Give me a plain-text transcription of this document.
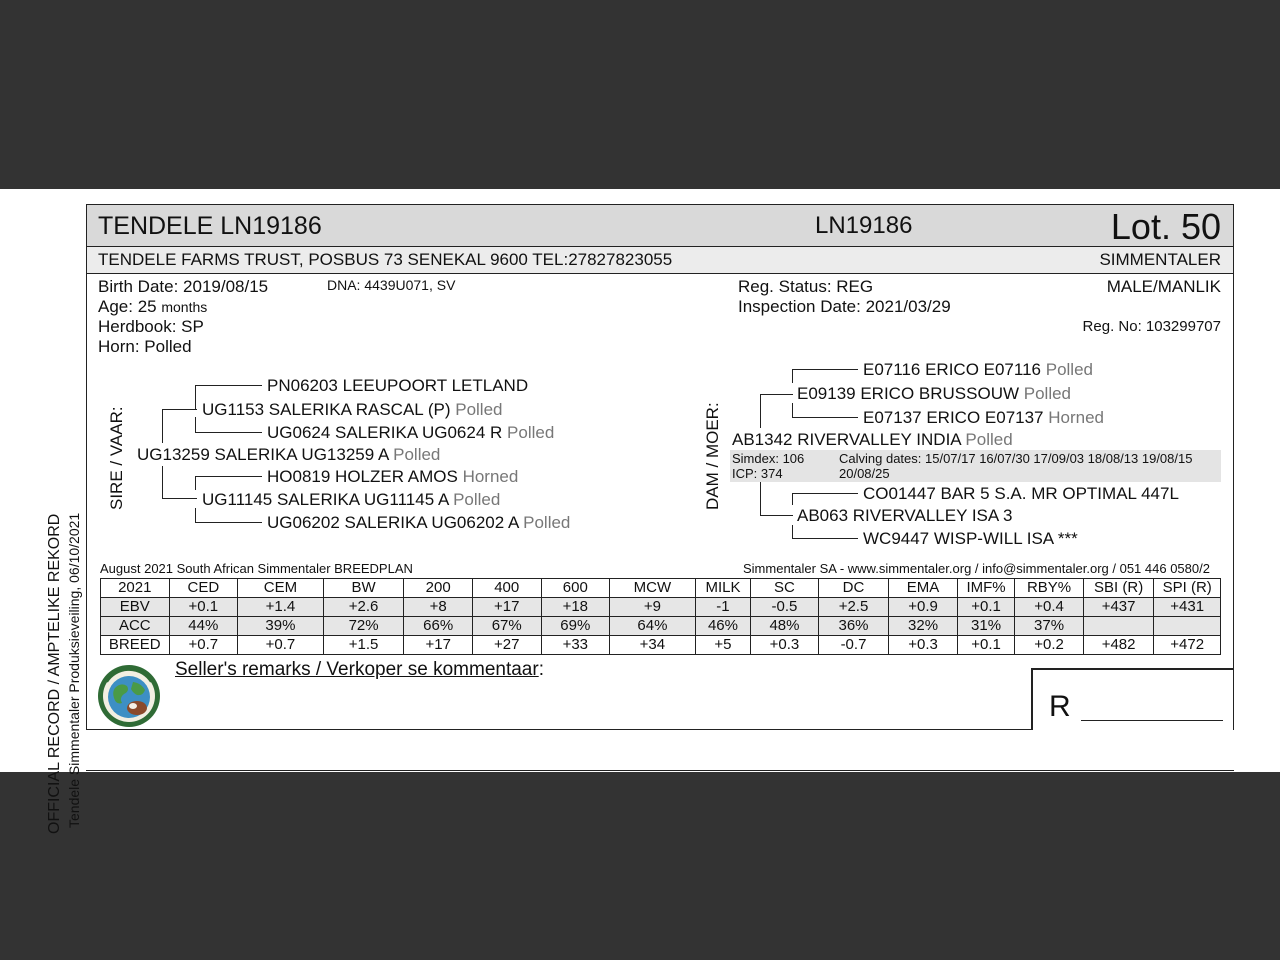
OFFICIAL RECORD / AMPTELIKE REKORD Tendele Simmentaler Produksieveiling, 06/10/2021
TENDELE LN19186	LN19186	Lot. 50
TENDELE FARMS TRUST, POSBUS 73 SENEKAL 9600 TEL:27827823055	SIMMENTALER
Birth Date: 2019/08/15	DNA: 4439U071, SV
Age: 25 months
Herdbook: SP
Horn: Polled
Reg. Status: REG
Inspection Date: 2021/03/29
MALE/MANLIK
Reg. No: 103299707
SIRE / VAAR: UG13259 SALERIKA UG13259 A Polled
UG1153 SALERIKA RASCAL (P) Polled
PN06203 LEEUPOORT LETLAND
UG0624 SALERIKA UG0624 R Polled
UG11145 SALERIKA UG11145 A Polled
HO0819 HOLZER AMOS Horned
UG06202 SALERIKA UG06202 A Polled
DAM / MOER: AB1342 RIVERVALLEY INDIA Polled
E09139 ERICO BRUSSOUW Polled
E07116 ERICO E07116 Polled
E07137 ERICO E07137 Horned
AB063 RIVERVALLEY ISA 3
CO01447 BAR 5 S.A. MR OPTIMAL 447L
WC9447 WISP-WILL ISA ***
Simdex: 106
ICP: 374
Calving dates: 15/07/17 16/07/30 17/09/03 18/08/13 19/08/15
20/08/25
August 2021 South African Simmentaler BREEDPLAN	Simmentaler SA - www.simmentaler.org / info@simmentaler.org / 051 446 0580/2
2021	CED	CEM	BW	200	400	600	MCW	MILK	SC	DC	EMA	IMF%	RBY%	SBI (R)	SPI (R)
EBV	+0.1	+1.4	+2.6	+8	+17	+18	+9	-1	-0.5	+2.5	+0.9	+0.1	+0.4	+437	+431
ACC	44%	39%	72%	66%	67%	69%	64%	46%	48%	36%	32%	31%	37%		
BREED	+0.7	+0.7	+1.5	+17	+27	+33	+34	+5	+0.3	-0.7	+0.3	+0.1	+0.2	+482	+472
Seller's remarks / Verkoper se kommentaar:
R
